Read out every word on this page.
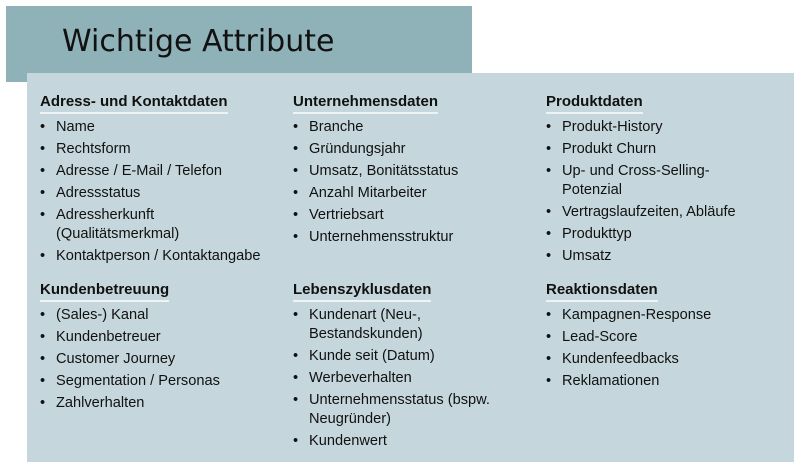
Wichtige Attribute
Adress- und Kontaktdaten
• Name
• Rechtsform
• Adresse / E-Mail / Telefon
• Adressstatus
• Adressherkunft (Qualitätsmerkmal)
• Kontaktperson / Kontaktangabe
Unternehmensdaten
• Branche
• Gründungsjahr
• Umsatz, Bonitätsstatus
• Anzahl Mitarbeiter
• Vertriebsart
• Unternehmensstruktur
Produktdaten
• Produkt-History
• Produkt Churn
• Up- und Cross-Selling-Potenzial
• Vertragslaufzeiten, Abläufe
• Produkttyp
• Umsatz
Kundenbetreuung
• (Sales-) Kanal
• Kundenbetreuer
• Customer Journey
• Segmentation / Personas
• Zahlverhalten
Lebenszyklusdaten
• Kundenart (Neu-, Bestandskunden)
• Kunde seit (Datum)
• Werbeverhalten
• Unternehmensstatus (bspw. Neugründer)
• Kundenwert
Reaktionsdaten
• Kampagnen-Response
• Lead-Score
• Kundenfeedbacks
• Reklamationen
